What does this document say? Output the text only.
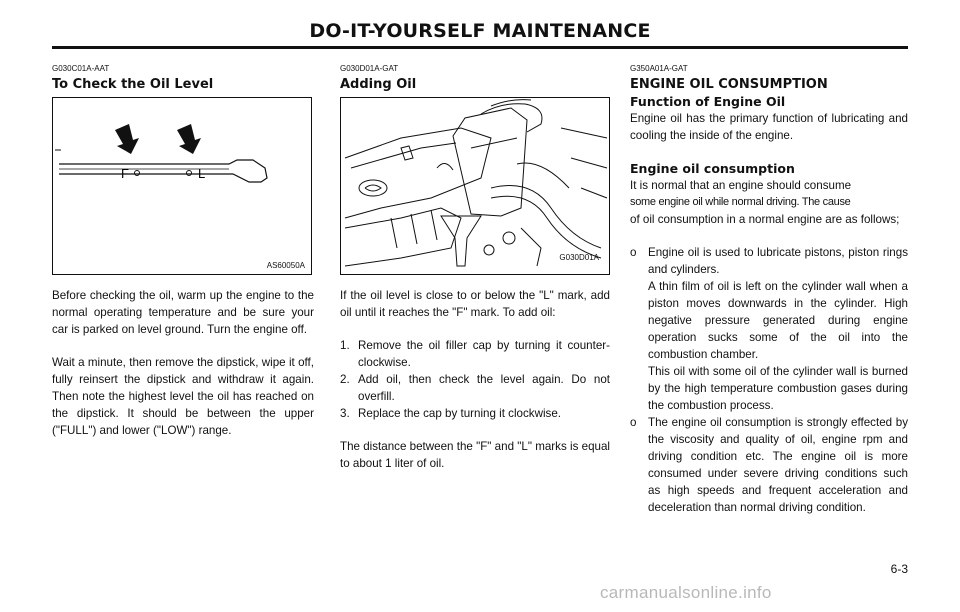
DO-IT-YOURSELF MAINTENANCE
G030C01A-AAT
To Check the Oil Level
F	L
AS60050A

Before checking the oil, warm up the engine to the normal operating temperature and be sure your car is parked on level ground. Turn the engine off.

Wait a minute, then remove the dipstick, wipe it off, fully reinsert the dipstick and withdraw it again. Then note the highest level the oil has reached on the dipstick. It should be between the upper ("FULL") and lower ("LOW") range.

G030D01A-GAT
Adding Oil
G030D01A

If the oil level is close to or below the "L" mark, add oil until it reaches the "F" mark. To add oil:

1. Remove the oil filler cap by turning it counter-clockwise.
2. Add oil, then check the level again. Do not overfill.
3. Replace the cap by turning it clockwise.

The distance between the "F" and "L" marks is equal to about 1 liter of oil.

G350A01A-GAT
ENGINE OIL CONSUMPTION
Function of Engine Oil

Engine oil has the primary function of lubricating and cooling the inside of the engine.

Engine oil consumption

It is normal that an engine should consume

some engine oil while normal driving. The cause

of oil consumption in a normal engine are as follows;

o Engine oil is used to lubricate pistons, piston rings and cylinders.
A thin film of oil is left on the cylinder wall when a piston moves downwards in the cylinder. High negative pressure generated during engine operation sucks some of the oil into the combustion chamber.
This oil with some oil of the cylinder wall is burned by the high temperature combustion gases during the combustion process.
o The engine oil consumption is strongly effected by the viscosity and quality of oil, engine rpm and driving condition etc. The engine oil is more consumed under severe driving conditions such as high speeds and frequent acceleration and deceleration than normal driving condition.
6-3
carmanualsonline.info
